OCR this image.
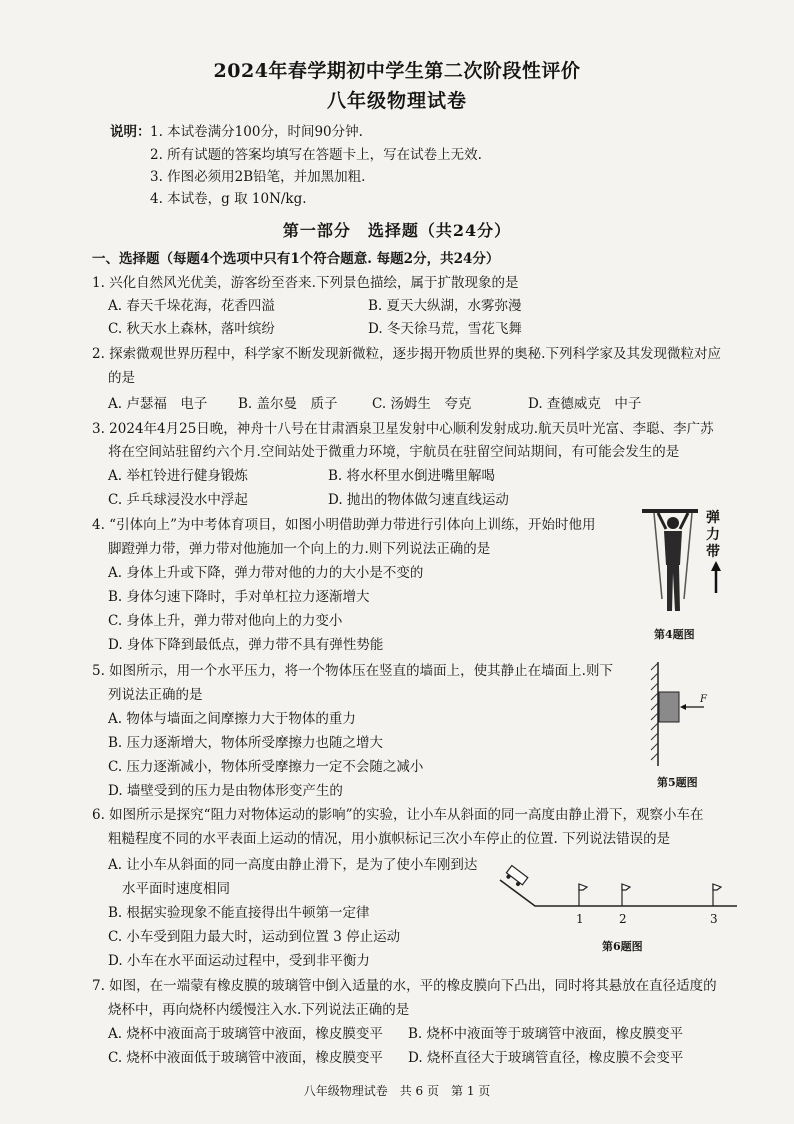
2024年春学期初中学生第二次阶段性评价
八年级物理试卷
说明： 1. 本试卷满分100分，时间90分钟.
2. 所有试题的答案均填写在答题卡上，写在试卷上无效.
3. 作图必须用2B铅笔，并加黑加粗.
4. 本试卷，g 取 10N/kg.
第一部分　选择题（共24分）
一、选择题（每题4个选项中只有1个符合题意. 每题2分，共24分）
1. 兴化自然风光优美，游客纷至沓来.下列景色描绘，属于扩散现象的是
A. 春天千垛花海，花香四溢	B. 夏天大纵湖，水雾弥漫
C. 秋天水上森林，落叶缤纷	D. 冬天徐马荒，雪花飞舞
2. 探索微观世界历程中，科学家不断发现新微粒，逐步揭开物质世界的奥秘.下列科学家及其发现微粒对应
的是
A. 卢瑟福　电子 B. 盖尔曼　质子	C. 汤姆生　夸克	D. 查德威克　中子
3. 2024年4月25日晚，神舟十八号在甘肃酒泉卫星发射中心顺利发射成功.航天员叶光富、李聪、李广苏
将在空间站驻留约六个月.空间站处于微重力环境，宇航员在驻留空间站期间，有可能会发生的是
A. 举杠铃进行健身锻炼	B. 将水杯里水倒进嘴里解喝
C. 乒乓球浸没水中浮起	D. 抛出的物体做匀速直线运动
4. “引体向上”为中考体育项目，如图小明借助弹力带进行引体向上训练，开始时他用
脚蹬弹力带，弹力带对他施加一个向上的力.则下列说法正确的是
A. 身体上升或下降，弹力带对他的力的大小是不变的
B. 身体匀速下降时，手对单杠拉力逐渐增大
C. 身体上升，弹力带对他向上的力变小
D. 身体下降到最低点，弹力带不具有弹性势能
弹力带
第4题图
5. 如图所示，用一个水平压力，将一个物体压在竖直的墙面上，使其静止在墙面上.则下
列说法正确的是
A. 物体与墙面之间摩擦力大于物体的重力
B. 压力逐渐增大，物体所受摩擦力也随之增大
C. 压力逐渐减小，物体所受摩擦力一定不会随之减小
D. 墙壁受到的压力是由物体形变产生的
F
第5题图
6. 如图所示是探究“阻力对物体运动的影响”的实验，让小车从斜面的同一高度由静止滑下，观察小车在
粗糙程度不同的水平表面上运动的情况，用小旗帜标记三次小车停止的位置. 下列说法错误的是
A. 让小车从斜面的同一高度由静止滑下，是为了使小车刚到达
水平面时速度相同
B. 根据实验现象不能直接得出牛顿第一定律
C. 小车受到阻力最大时，运动到位置 3 停止运动
D. 小车在水平面运动过程中，受到非平衡力
1	2	3
第6题图
7. 如图，在一端蒙有橡皮膜的玻璃管中倒入适量的水，平的橡皮膜向下凸出，同时将其悬放在直径适度的
烧杯中，再向烧杯内缓慢注入水.下列说法正确的是
A. 烧杯中液面高于玻璃管中液面，橡皮膜变平 B. 烧杯中液面等于玻璃管中液面，橡皮膜变平
C. 烧杯中液面低于玻璃管中液面，橡皮膜变平 D. 烧杯直径大于玻璃管直径，橡皮膜不会变平
八年级物理试卷　共 6 页　第 1 页
